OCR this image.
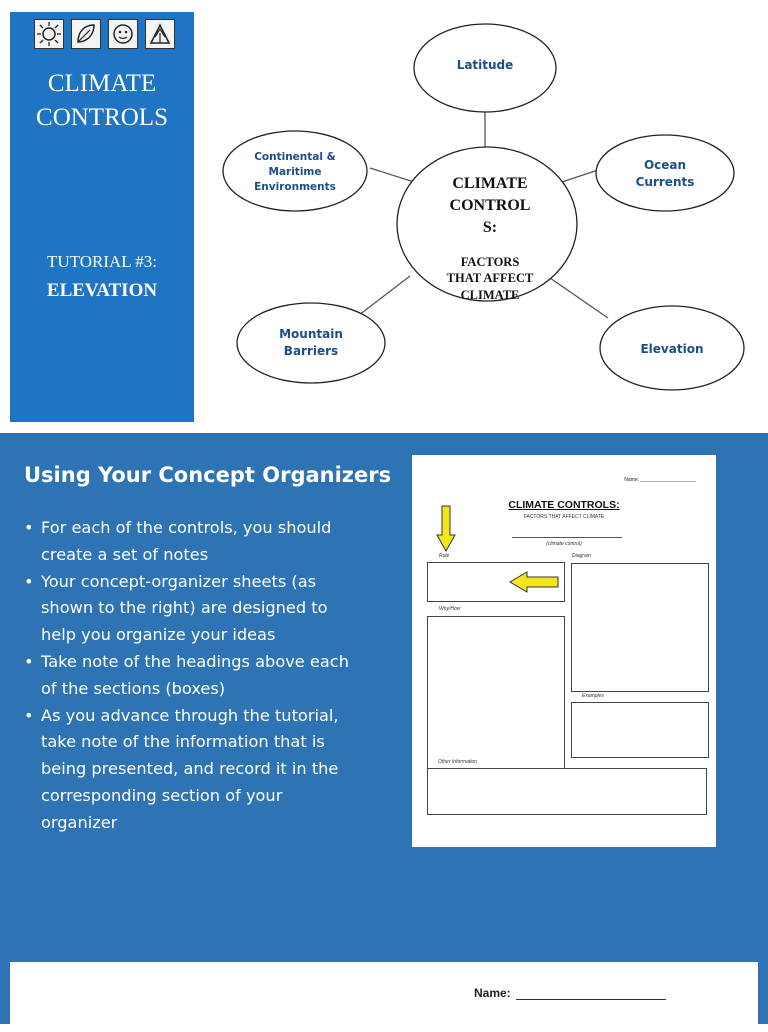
CLIMATE
CONTROLS
TUTORIAL #3:
ELEVATION
CLIMATE
CONTROL
S:
FACTORS
THAT AFFECT
CLIMATE
Latitude
Continental &
Maritime
Environments
Ocean
Currents
Mountain
Barriers	Elevation
Using Your Concept Organizers
• For each of the controls, you should
create a set of notes
• Your concept-organizer sheets (as
shown to the right) are designed to
help you organize your ideas
• Take note of the headings above each
of the sections (boxes)
• As you advance through the tutorial,
take note of the information that is
being presented, and record it in the
corresponding section of your
organizer
Name: ____________________
CLIMATE CONTROLS:
FACTORS THAT AFFECT CLIMATE
(climate control)
Rule	Diagram
Why/How
Examples
Other Information
Name:
